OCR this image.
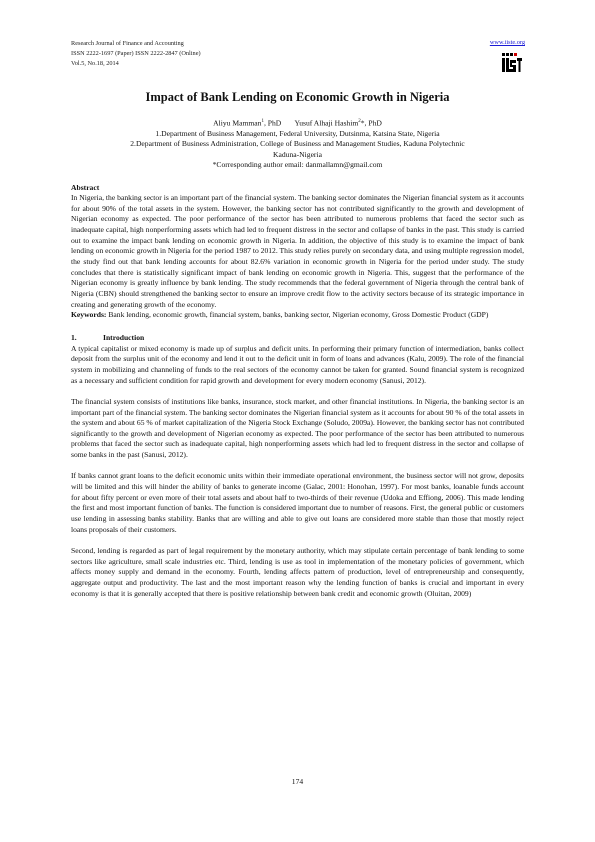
Research Journal of Finance and Accounting
ISSN 2222-1697 (Paper) ISSN 2222-2847 (Online)
Vol.5, No.18, 2014
www.iiste.org
Impact of Bank Lending on Economic Growth in Nigeria
Aliyu Mamman$^1$, PhD Yusuf Alhaji Hashim$^2$*, PhD
1.Department of Business Management, Federal University, Dutsinma, Katsina State, Nigeria
2.Department of Business Administration, College of Business and Management Studies, Kaduna Polytechnic
Kaduna-Nigeria
*Corresponding author email: danmallamn@gmail.com
Abstract

In Nigeria, the banking sector is an important part of the financial system. The banking sector dominates the Nigerian financial system as it accounts for about 90% of the total assets in the system. However, the banking sector has not contributed significantly to the growth and development of Nigerian economy as expected. The poor performance of the sector has been attributed to numerous problems that faced the sector such as inadequate capital, high nonperforming assets which had led to frequent distress in the sector and collapse of banks in the past. This study is carried out to examine the impact bank lending on economic growth in Nigeria. In addition, the objective of this study is to examine the impact of bank lending on economic growth in Nigeria for the period 1987 to 2012. This study relies purely on secondary data, and using multiple regression model, the study find out that bank lending accounts for about 82.6% variation in economic growth in Nigeria for the period under study. The study concludes that there is statistically significant impact of bank lending on economic growth in Nigeria. This, suggest that the performance of the Nigerian economy is greatly influence by bank lending. The study recommends that the federal government of Nigeria through the central bank of Nigeria (CBN) should strengthened the banking sector to ensure an improve credit flow to the activity sectors because of its strategic importance in creating and generating growth of the economy.

Keywords: Bank lending, economic growth, financial system, banks, banking sector, Nigerian economy, Gross Domestic Product (GDP)

1.	Introduction

A typical capitalist or mixed economy is made up of surplus and deficit units. In performing their primary function of intermediation, banks collect deposit from the surplus unit of the economy and lend it out to the deficit unit in form of loans and advances (Kalu, 2009). The role of the financial system in mobilizing and channeling of funds to the real sectors of the economy cannot be taken for granted. Sound financial system is recognized as a necessary and sufficient condition for rapid growth and development for every modern economy (Sanusi, 2012).

The financial system consists of institutions like banks, insurance, stock market, and other financial institutions. In Nigeria, the banking sector is an important part of the financial system. The banking sector dominates the Nigerian financial system as it accounts for about 90 % of the total assets in the system and about 65 % of market capitalization of the Nigeria Stock Exchange (Soludo, 2009a). However, the banking sector has not contributed significantly to the growth and development of Nigerian economy as expected. The poor performance of the sector has been attributed to numerous problems that faced the sector such as inadequate capital, high nonperforming assets which had led to frequent distress in the sector and collapse of some banks in the past (Sanusi, 2012).

If banks cannot grant loans to the deficit economic units within their immediate operational environment, the business sector will not grow, deposits will be limited and this will hinder the ability of banks to generate income (Galac, 2001: Honohan, 1997). For most banks, loanable funds account for about fifty percent or even more of their total assets and about half to two-thirds of their revenue (Udoka and Effiong, 2006). This made lending the first and most important function of banks. The function is considered important due to number of reasons. First, the general public or customers use lending in assessing banks stability. Banks that are willing and able to give out loans are considered more stable than those that mostly reject loans proposals of their customers.

Second, lending is regarded as part of legal requirement by the monetary authority, which may stipulate certain percentage of bank lending to some sectors like agriculture, small scale industries etc. Third, lending is use as tool in implementation of the monetary policies of government, which affects money supply and demand in the economy. Fourth, lending affects pattern of production, level of entrepreneurship and consequently, aggregate output and productivity. The last and the most important reason why the lending function of banks is crucial and important in every economy is that it is generally accepted that there is positive relationship between bank credit and economic growth (Oluitan, 2009)

174
